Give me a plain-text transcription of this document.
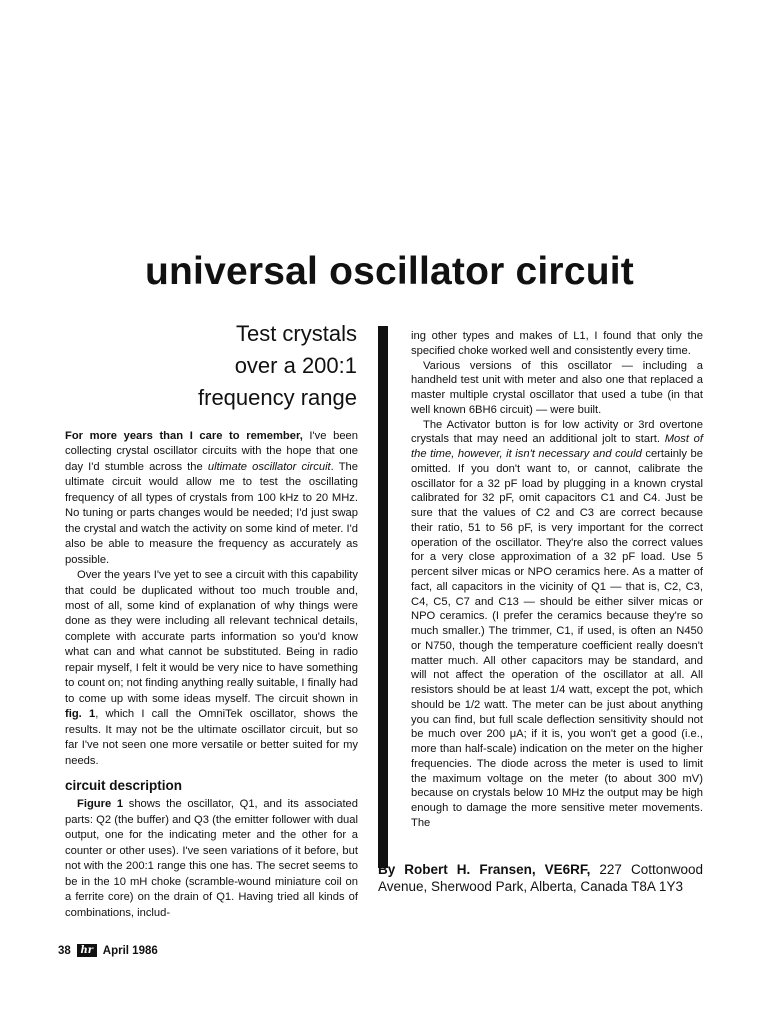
universal oscillator circuit
Test crystals
over a 200:1
frequency range

For more years than I care to remember, I've been collecting crystal oscillator circuits with the hope that one day I'd stumble across the ultimate oscillator circuit. The ultimate circuit would allow me to test the oscillating frequency of all types of crystals from 100 kHz to 20 MHz. No tuning or parts changes would be needed; I'd just swap the crystal and watch the activity on some kind of meter. I'd also be able to measure the frequency as accurately as possible.

Over the years I've yet to see a circuit with this capability that could be duplicated without too much trouble and, most of all, some kind of explanation of why things were done as they were including all relevant technical details, complete with accurate parts information so you'd know what can and what cannot be substituted. Being in radio repair myself, I felt it would be very nice to have something to count on; not finding anything really suitable, I finally had to come up with some ideas myself. The circuit shown in fig. 1, which I call the OmniTek oscillator, shows the results. It may not be the ultimate oscillator circuit, but so far I've not seen one more versatile or better suited for my needs.

circuit description

Figure 1 shows the oscillator, Q1, and its associated parts: Q2 (the buffer) and Q3 (the emitter follower with dual output, one for the indicating meter and the other for a counter or other uses). I've seen variations of it before, but not with the 200:1 range this one has. The secret seems to be in the 10 mH choke (scramble-wound miniature coil on a ferrite core) on the drain of Q1. Having tried all kinds of combinations, includ-

ing other types and makes of L1, I found that only the specified choke worked well and consistently every time.

Various versions of this oscillator — including a handheld test unit with meter and also one that replaced a master multiple crystal oscillator that used a tube (in that well known 6BH6 circuit) — were built.

The Activator button is for low activity or 3rd overtone crystals that may need an additional jolt to start. Most of the time, however, it isn't necessary and could certainly be omitted. If you don't want to, or cannot, calibrate the oscillator for a 32 pF load by plugging in a known crystal calibrated for 32 pF, omit capacitors C1 and C4. Just be sure that the values of C2 and C3 are correct because their ratio, 51 to 56 pF, is very important for the correct operation of the oscillator. They're also the correct values for a very close approximation of a 32 pF load. Use 5 percent silver micas or NPO ceramics here. As a matter of fact, all capacitors in the vicinity of Q1 — that is, C2, C3, C4, C5, C7 and C13 — should be either silver micas or NPO ceramics. (I prefer the ceramics because they're so much smaller.) The trimmer, C1, if used, is often an N450 or N750, though the temperature coefficient really doesn't matter much. All other capacitors may be standard, and will not affect the operation of the oscillator at all. All resistors should be at least 1/4 watt, except the pot, which should be 1/2 watt. The meter can be just about anything you can find, but full scale deflection sensitivity should not be much over 200 μA; if it is, you won't get a good (i.e., more than half-scale) indication on the meter on the higher frequencies. The diode across the meter is used to limit the maximum voltage on the meter (to about 300 mV) because on crystals below 10 MHz the output may be high enough to damage the more sensitive meter movements. The

By Robert H. Fransen, VE6RF, 227 Cottonwood Avenue, Sherwood Park, Alberta, Canada T8A 1Y3
38 hr April 1986
